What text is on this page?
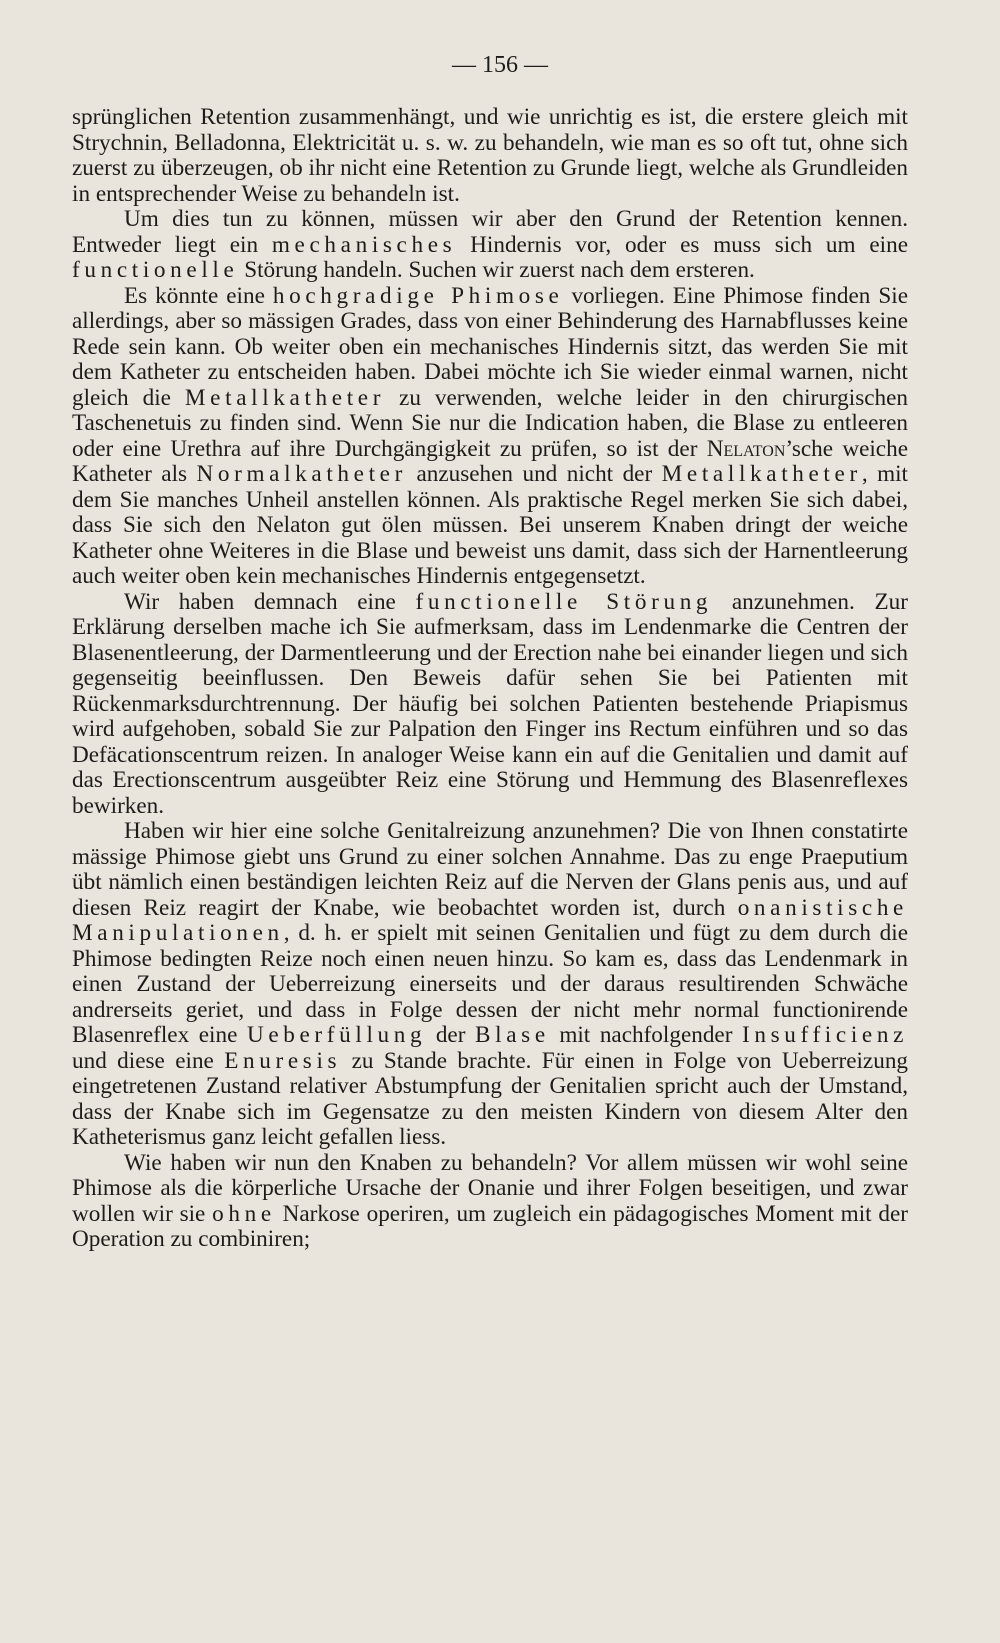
— 156 —

sprünglichen Retention zusammenhängt, und wie unrichtig es ist, die erstere gleich mit Strychnin, Belladonna, Elektricität u. s. w. zu behandeln, wie man es so oft tut, ohne sich zuerst zu überzeugen, ob ihr nicht eine Retention zu Grunde liegt, welche als Grundleiden in entsprechender Weise zu behandeln ist.

Um dies tun zu können, müssen wir aber den Grund der Retention kennen. Entweder liegt ein mechanisches Hindernis vor, oder es muss sich um eine functionelle Störung handeln. Suchen wir zuerst nach dem ersteren.

Es könnte eine hochgradige Phimose vorliegen. Eine Phimose finden Sie allerdings, aber so mässigen Grades, dass von einer Behinderung des Harnabflusses keine Rede sein kann. Ob weiter oben ein mechanisches Hindernis sitzt, das werden Sie mit dem Katheter zu entscheiden haben. Dabei möchte ich Sie wieder einmal warnen, nicht gleich die Metallkatheter zu verwenden, welche leider in den chirurgischen Taschenetuis zu finden sind. Wenn Sie nur die Indication haben, die Blase zu entleeren oder eine Urethra auf ihre Durchgängigkeit zu prüfen, so ist der Nelaton’sche weiche Katheter als Normalkatheter anzusehen und nicht der Metallkatheter, mit dem Sie manches Unheil anstellen können. Als praktische Regel merken Sie sich dabei, dass Sie sich den Nelaton gut ölen müssen. Bei unserem Knaben dringt der weiche Katheter ohne Weiteres in die Blase und beweist uns damit, dass sich der Harnentleerung auch weiter oben kein mechanisches Hindernis entgegensetzt.

Wir haben demnach eine functionelle Störung anzunehmen. Zur Erklärung derselben mache ich Sie aufmerksam, dass im Lendenmarke die Centren der Blasenentleerung, der Darmentleerung und der Erection nahe bei einander liegen und sich gegenseitig beeinflussen. Den Beweis dafür sehen Sie bei Patienten mit Rückenmarksdurchtrennung. Der häufig bei solchen Patienten bestehende Priapismus wird aufgehoben, sobald Sie zur Palpation den Finger ins Rectum einführen und so das Defäcationscentrum reizen. In analoger Weise kann ein auf die Genitalien und damit auf das Erectionscentrum ausgeübter Reiz eine Störung und Hemmung des Blasenreflexes bewirken.

Haben wir hier eine solche Genitalreizung anzunehmen? Die von Ihnen constatirte mässige Phimose giebt uns Grund zu einer solchen Annahme. Das zu enge Praeputium übt nämlich einen beständigen leichten Reiz auf die Nerven der Glans penis aus, und auf diesen Reiz reagirt der Knabe, wie beobachtet worden ist, durch onanistische Manipulationen, d. h. er spielt mit seinen Genitalien und fügt zu dem durch die Phimose bedingten Reize noch einen neuen hinzu. So kam es, dass das Lendenmark in einen Zustand der Ueberreizung einerseits und der daraus resultirenden Schwäche andrerseits geriet, und dass in Folge dessen der nicht mehr normal functionirende Blasenreflex eine Ueberfüllung der Blase mit nachfolgender Insufficienz und diese eine Enuresis zu Stande brachte. Für einen in Folge von Ueberreizung eingetretenen Zustand relativer Abstumpfung der Genitalien spricht auch der Umstand, dass der Knabe sich im Gegensatze zu den meisten Kindern von diesem Alter den Katheterismus ganz leicht gefallen liess.

Wie haben wir nun den Knaben zu behandeln? Vor allem müssen wir wohl seine Phimose als die körperliche Ursache der Onanie und ihrer Folgen beseitigen, und zwar wollen wir sie ohne Narkose operiren, um zugleich ein pädagogisches Moment mit der Operation zu combiniren;
